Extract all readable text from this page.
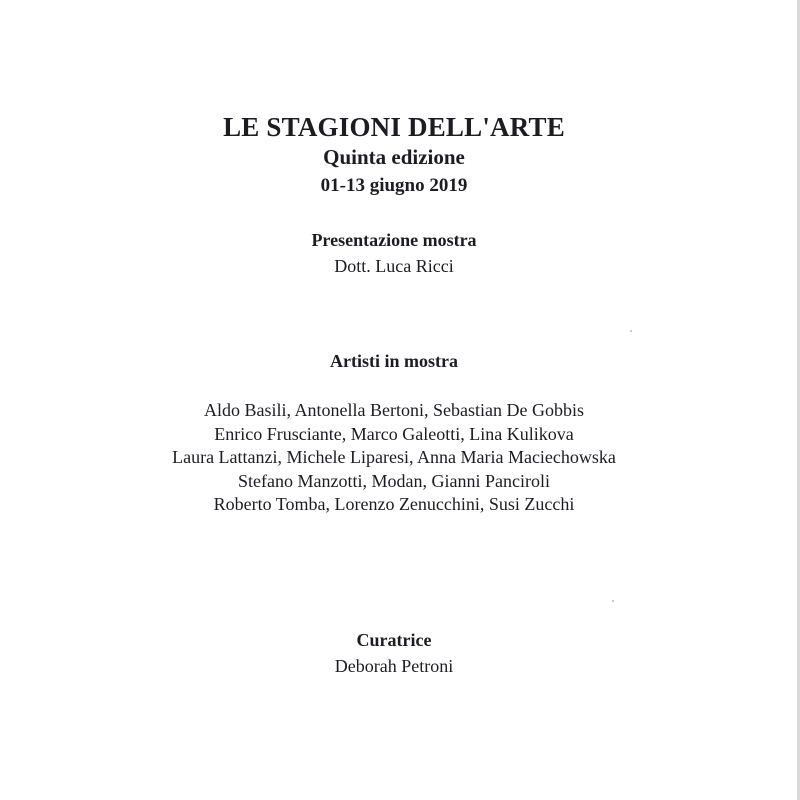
LE STAGIONI DELL'ARTE
Quinta edizione
01-13 giugno 2019
Presentazione mostra
Dott. Luca Ricci
Artisti in mostra
Aldo Basili, Antonella Bertoni, Sebastian De Gobbis
Enrico Frusciante, Marco Galeotti, Lina Kulikova
Laura Lattanzi, Michele Liparesi, Anna Maria Maciechowska
Stefano Manzotti, Modan, Gianni Panciroli
Roberto Tomba, Lorenzo Zenucchini, Susi Zucchi
Curatrice
Deborah Petroni
